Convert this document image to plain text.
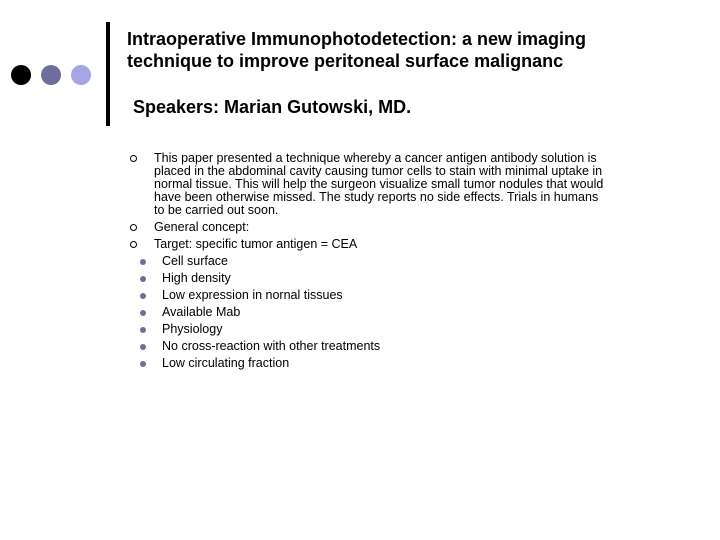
Intraoperative Immunophotodetection: a new imaging
technique to improve peritoneal surface malignanc
Speakers: Marian Gutowski, MD.
This paper presented a technique whereby a cancer antigen antibody solution is
placed in the abdominal cavity causing tumor cells to stain with minimal uptake in
normal tissue. This will help the surgeon visualize small tumor nodules that would
have been otherwise missed. The study reports no side effects. Trials in humans
to be carried out soon.
General concept:
Target: specific tumor antigen = CEA
Cell surface
High density
Low expression in nornal tissues
Available Mab
Physiology
No cross-reaction with other treatments
Low circulating fraction
